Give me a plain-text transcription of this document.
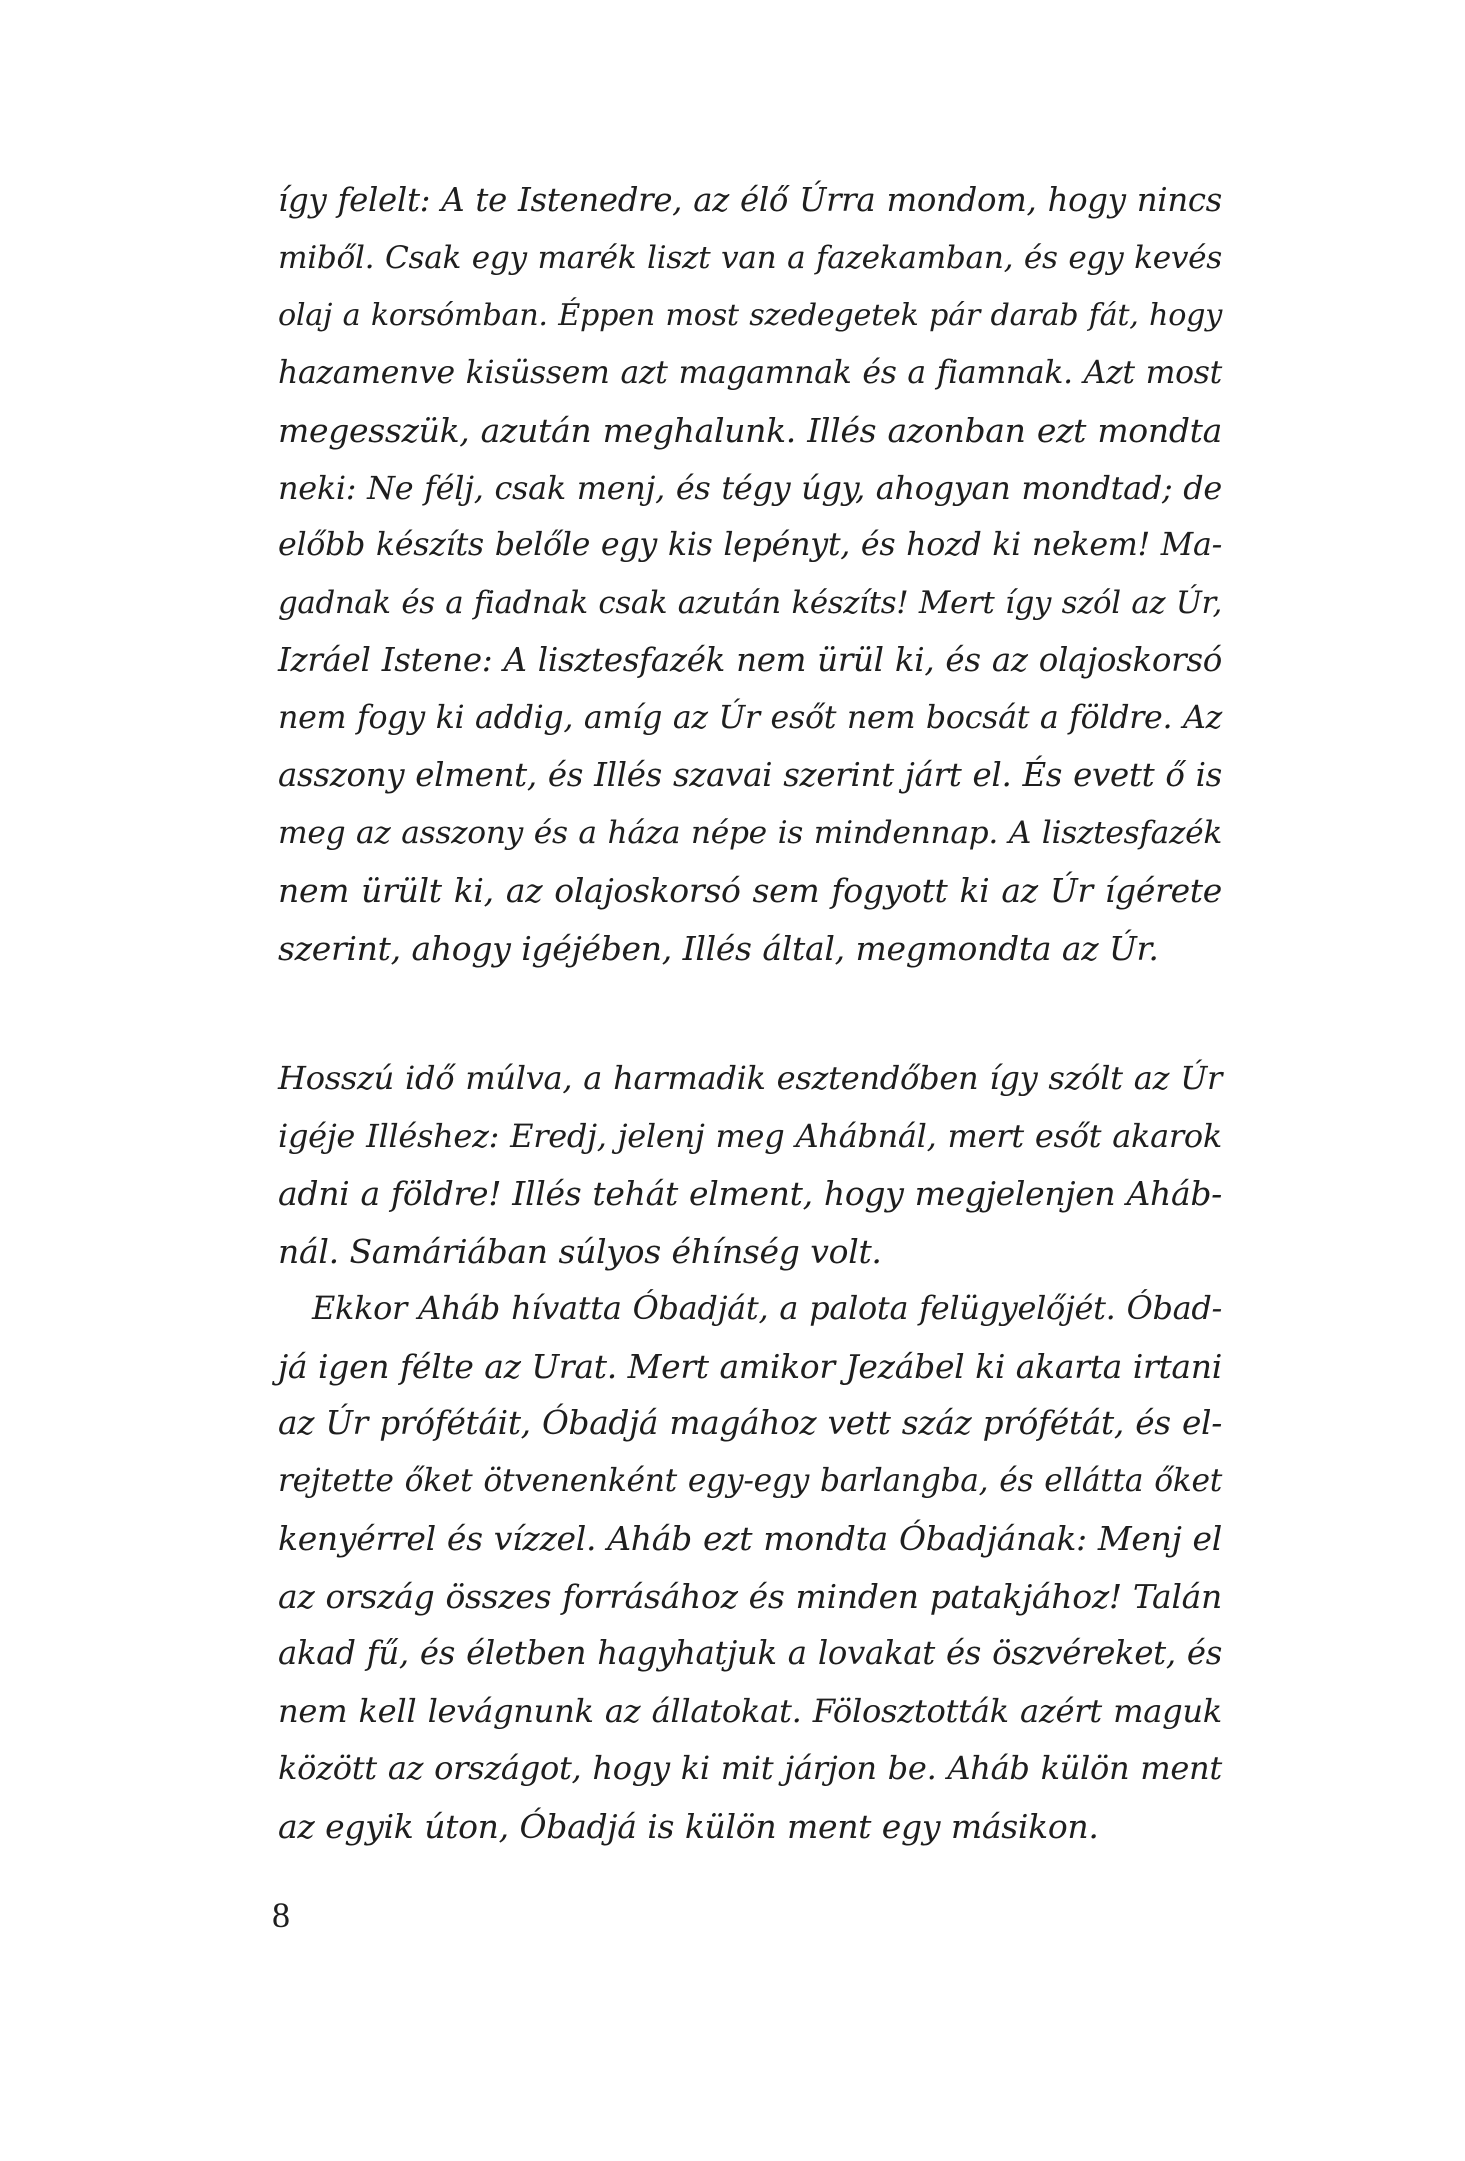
így felelt: A te Istenedre, az élő Úrra mondom, hogy nincs
miből. Csak egy marék liszt van a fazekamban, és egy kevés
olaj a korsómban. Éppen most szedegetek pár darab fát, hogy
hazamenve kisüssem azt magamnak és a fiamnak. Azt most
megesszük, azután meghalunk. Illés azonban ezt mondta
neki: Ne félj, csak menj, és tégy úgy, ahogyan mondtad; de
előbb készíts belőle egy kis lepényt, és hozd ki nekem! Ma-
gadnak és a fiadnak csak azután készíts! Mert így szól az Úr,
Izráel Istene: A lisztesfazék nem ürül ki, és az olajoskorsó
nem fogy ki addig, amíg az Úr esőt nem bocsát a földre. Az
asszony elment, és Illés szavai szerint járt el. És evett ő is
meg az asszony és a háza népe is mindennap. A lisztesfazék
nem ürült ki, az olajoskorsó sem fogyott ki az Úr ígérete
szerint, ahogy igéjében, Illés által, megmondta az Úr.
Hosszú idő múlva, a harmadik esztendőben így szólt az Úr
igéje Illéshez: Eredj, jelenj meg Ahábnál, mert esőt akarok
adni a földre! Illés tehát elment, hogy megjelenjen Aháb-
nál. Samáriában súlyos éhínség volt.
Ekkor Aháb hívatta Óbadját, a palota felügyelőjét. Óbad-
já igen félte az Urat. Mert amikor Jezábel ki akarta irtani
az Úr prófétáit, Óbadjá magához vett száz prófétát, és el-
rejtette őket ötvenenként egy-egy barlangba, és ellátta őket
kenyérrel és vízzel. Aháb ezt mondta Óbadjának: Menj el
az ország összes forrásához és minden patakjához! Talán
akad fű, és életben hagyhatjuk a lovakat és öszvéreket, és
nem kell levágnunk az állatokat. Fölosztották azért maguk
között az országot, hogy ki mit járjon be. Aháb külön ment
az egyik úton, Óbadjá is külön ment egy másikon.
8
